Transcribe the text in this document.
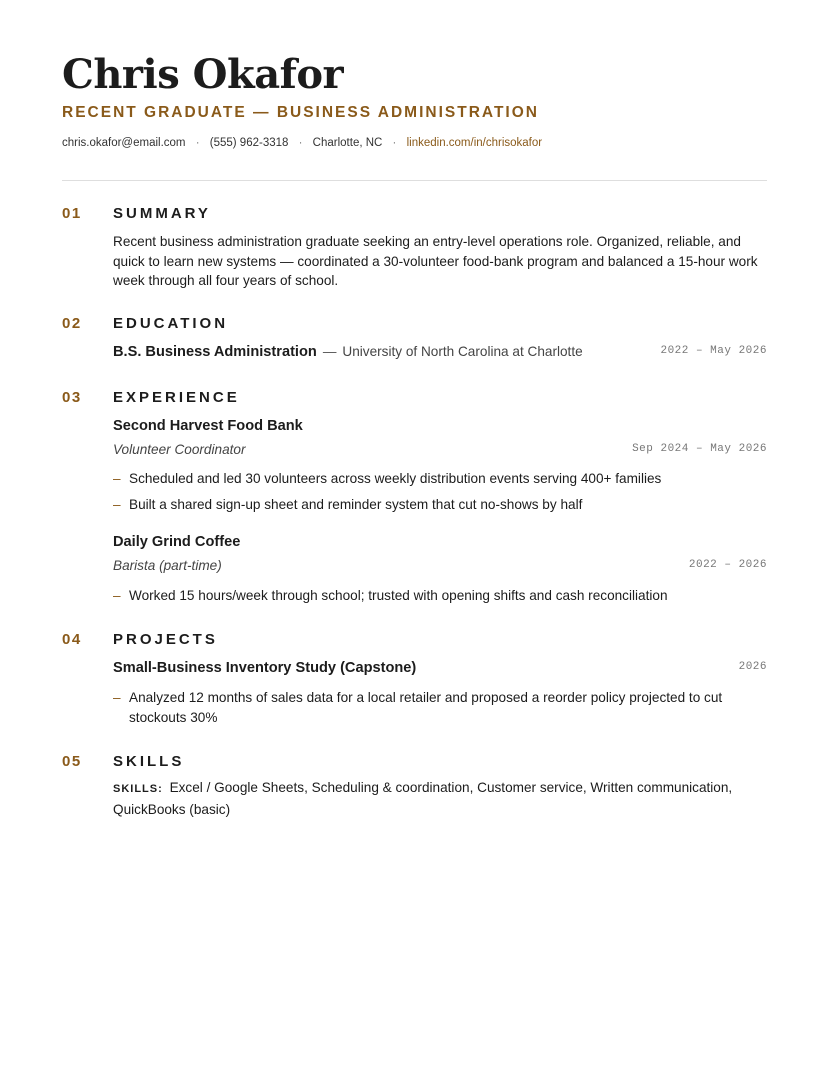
Chris Okafor
RECENT GRADUATE — BUSINESS ADMINISTRATION
chris.okafor@email.com · (555) 962-3318 · Charlotte, NC · linkedin.com/in/chrisokafor
01 SUMMARY
Recent business administration graduate seeking an entry-level operations role. Organized, reliable, and quick to learn new systems — coordinated a 30-volunteer food-bank program and balanced a 15-hour work week through all four years of school.
02 EDUCATION
B.S. Business Administration — University of North Carolina at Charlotte	2022 – May 2026
03 EXPERIENCE
Second Harvest Food Bank
Volunteer Coordinator	Sep 2024 – May 2026
– Scheduled and led 30 volunteers across weekly distribution events serving 400+ families
– Built a shared sign-up sheet and reminder system that cut no-shows by half
Daily Grind Coffee
Barista (part-time)	2022 – 2026
– Worked 15 hours/week through school; trusted with opening shifts and cash reconciliation
04 PROJECTS
Small-Business Inventory Study (Capstone)	2026
– Analyzed 12 months of sales data for a local retailer and proposed a reorder policy projected to cut stockouts 30%
05 SKILLS
SKILLS: Excel / Google Sheets, Scheduling & coordination, Customer service, Written communication, QuickBooks (basic)
